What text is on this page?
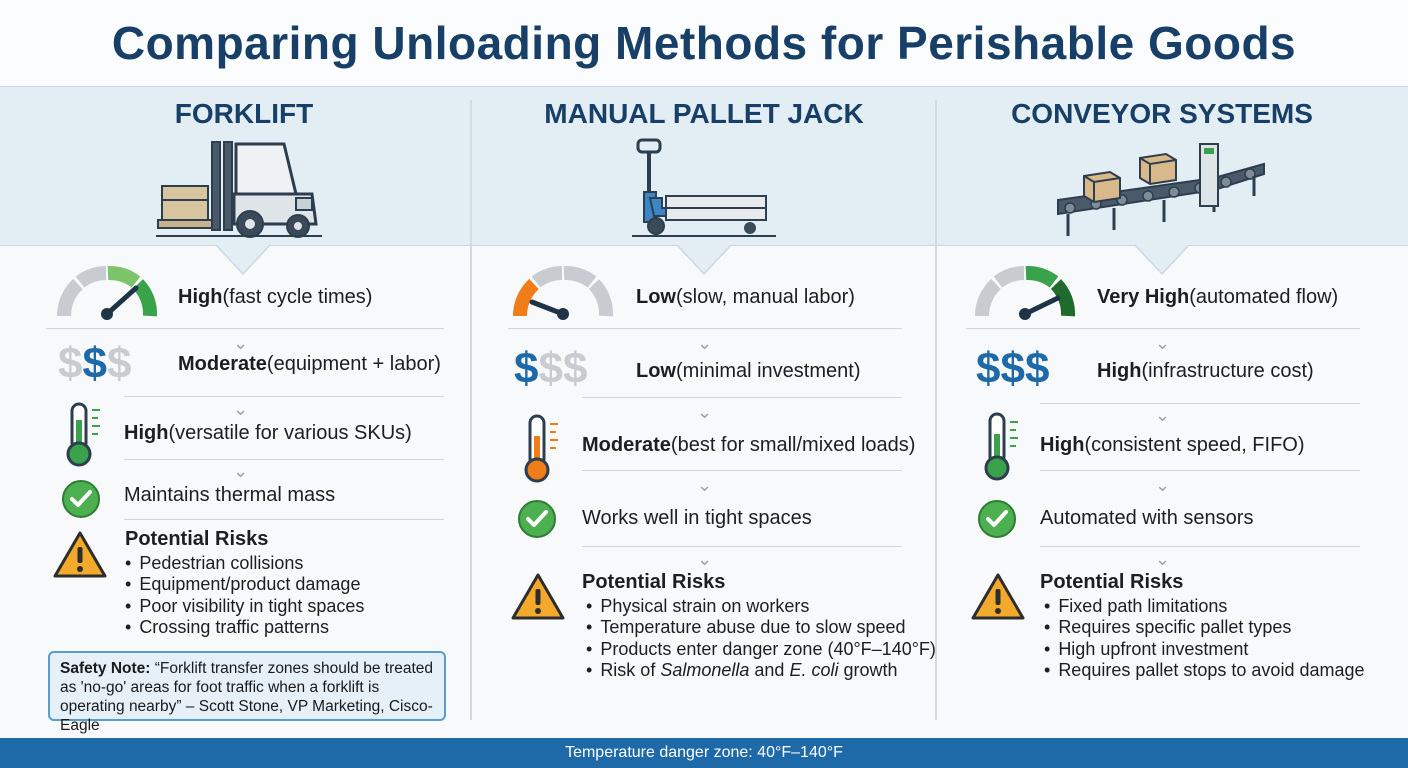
Comparing Unloading Methods for Perishable Goods
FORKLIFT
High (fast cycle times)
⌄
$ $ $ Moderate (equipment + labor)
⌄
High (versatile for various SKUs)
⌄
Maintains thermal mass
Potential Risks
• Pedestrian collisions
• Equipment/product damage
• Poor visibility in tight spaces
• Crossing traffic patterns
Safety Note: “Forklift transfer zones should be treated as 'no-go' areas for foot traffic when a forklift is operating nearby” – Scott Stone, VP Marketing, Cisco-Eagle
MANUAL PALLET JACK
Low (slow, manual labor)
⌄
$ $ $ Low (minimal investment)
⌄
Moderate (best for small/mixed loads)
⌄
Works well in tight spaces
⌄
Potential Risks
• Physical strain on workers
• Temperature abuse due to slow speed
• Products enter danger zone (40°F–140°F)
• Risk of Salmonella and E. coli growth
CONVEYOR SYSTEMS
Very High (automated flow)
⌄
$ $ $ High (infrastructure cost)
⌄
High (consistent speed, FIFO)
⌄
Automated with sensors
⌄
Potential Risks
• Fixed path limitations
• Requires specific pallet types
• High upfront investment
• Requires pallet stops to avoid damage
Temperature danger zone: 40°F–140°F
